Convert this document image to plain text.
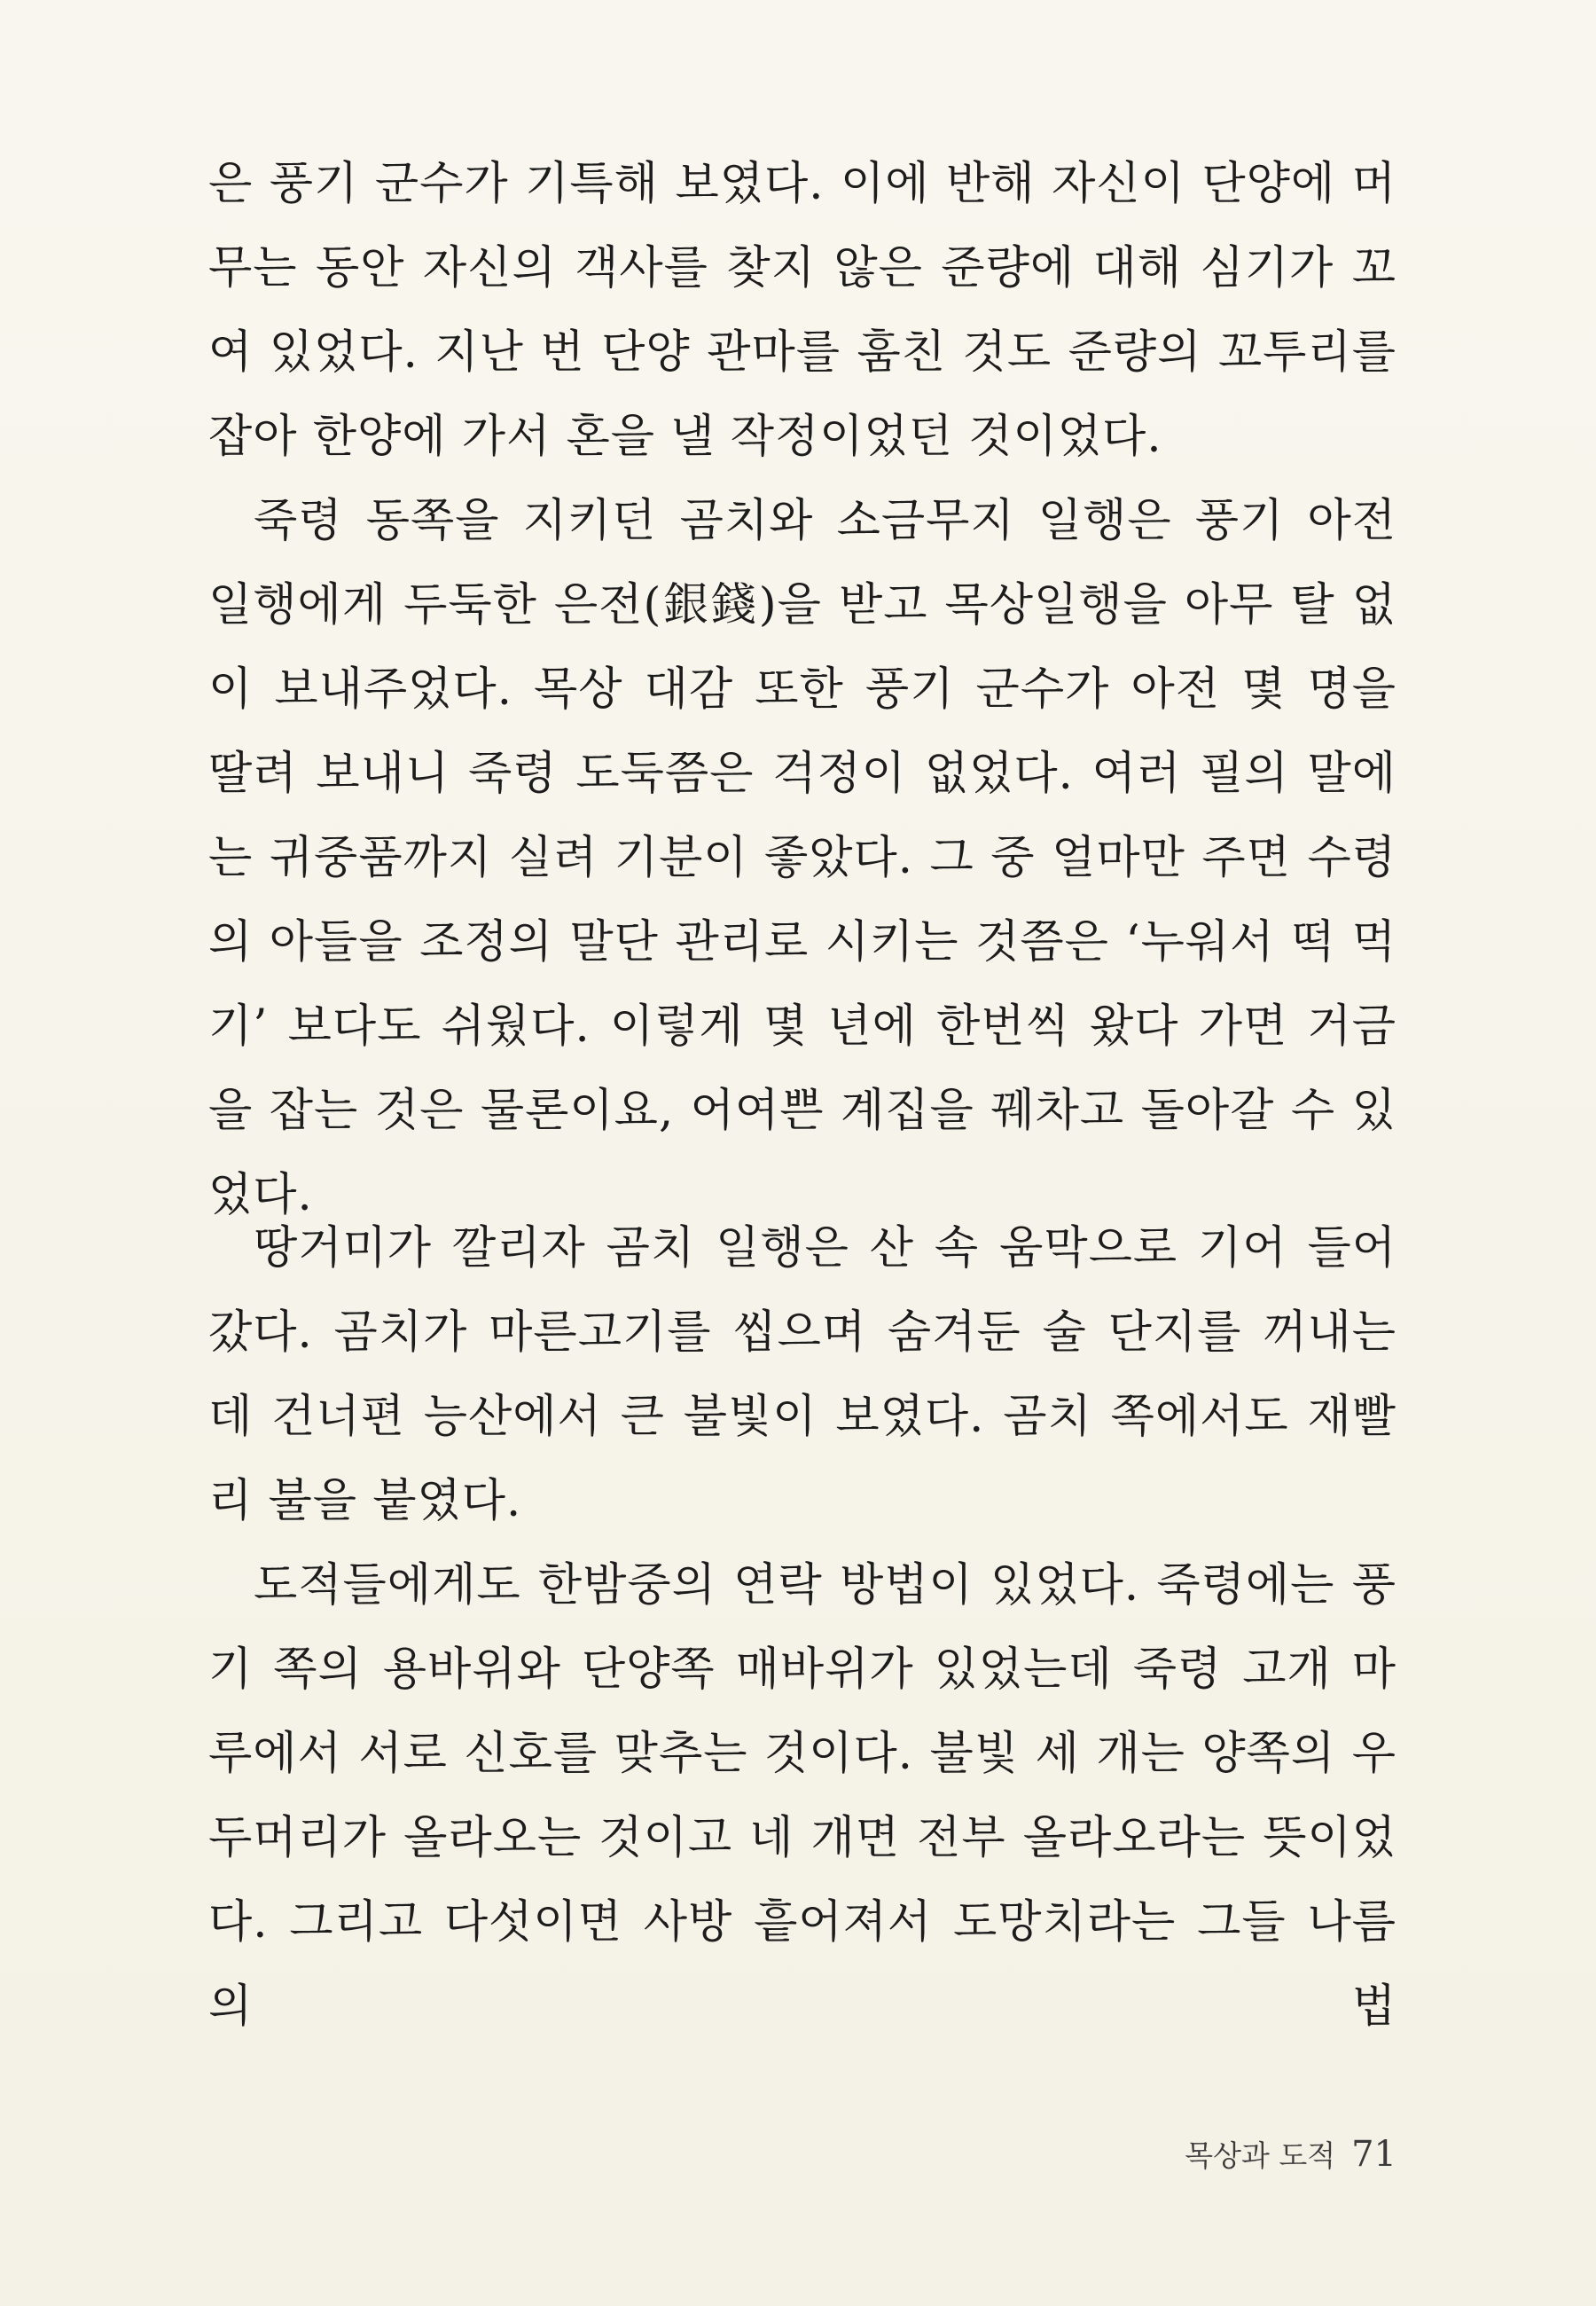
은 풍기 군수가 기특해 보였다. 이에 반해 자신이 단양에 머무는 동안 자신의 객사를 찾지 않은 준량에 대해 심기가 꼬여 있었다. 지난 번 단양 관마를 훔친 것도 준량의 꼬투리를 잡아 한양에 가서 혼을 낼 작정이었던 것이었다.

죽령 동쪽을 지키던 곰치와 소금무지 일행은 풍기 아전 일행에게 두둑한 은전(銀錢)을 받고 목상일행을 아무 탈 없이 보내주었다. 목상 대감 또한 풍기 군수가 아전 몇 명을 딸려 보내니 죽령 도둑쯤은 걱정이 없었다. 여러 필의 말에는 귀중품까지 실려 기분이 좋았다. 그 중 얼마만 주면 수령의 아들을 조정의 말단 관리로 시키는 것쯤은 ‘누워서 떡 먹기’ 보다도 쉬웠다. 이렇게 몇 년에 한번씩 왔다 가면 거금을 잡는 것은 물론이요, 어여쁜 계집을 꿰차고 돌아갈 수 있었다.

땅거미가 깔리자 곰치 일행은 산 속 움막으로 기어 들어갔다. 곰치가 마른고기를 씹으며 숨겨둔 술 단지를 꺼내는데 건너편 능산에서 큰 불빛이 보였다. 곰치 쪽에서도 재빨리 불을 붙였다.

도적들에게도 한밤중의 연락 방법이 있었다. 죽령에는 풍기 쪽의 용바위와 단양쪽 매바위가 있었는데 죽령 고개 마루에서 서로 신호를 맞추는 것이다. 불빛 세 개는 양쪽의 우두머리가 올라오는 것이고 네 개면 전부 올라오라는 뜻이었다. 그리고 다섯이면 사방 흩어져서 도망치라는 그들 나름의 법

목상과 도적 71
